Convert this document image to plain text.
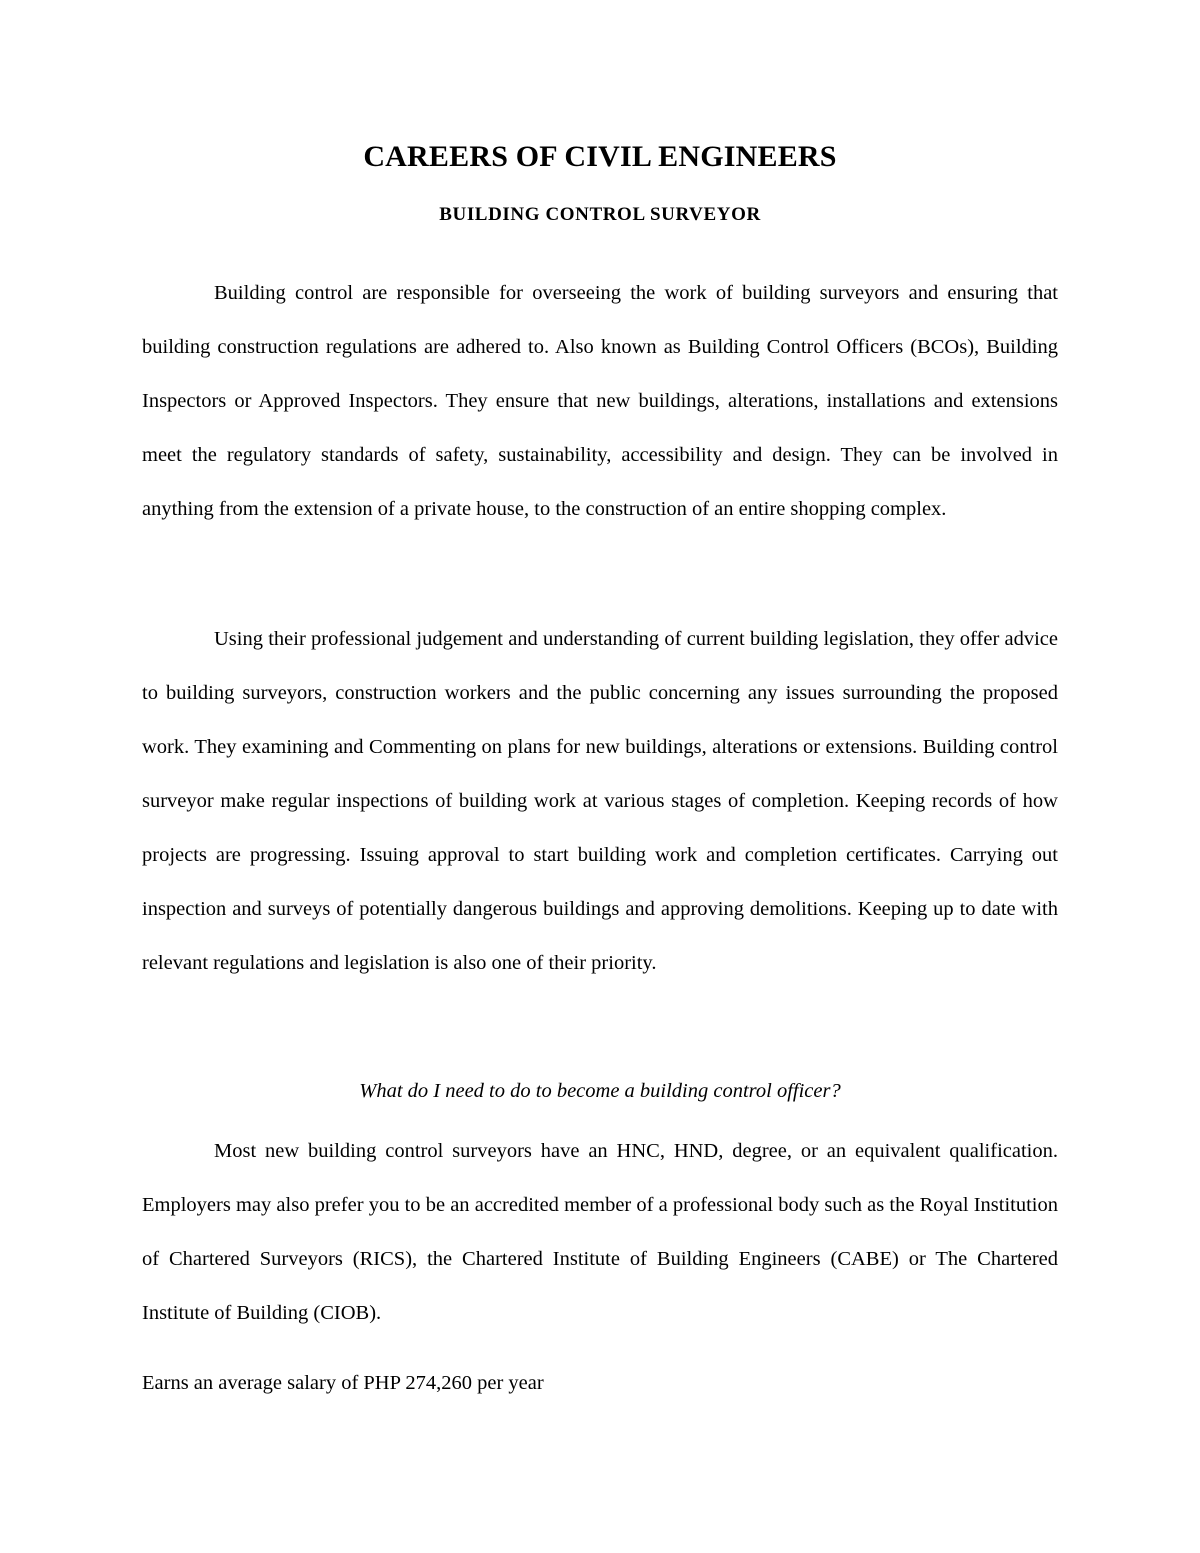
CAREERS OF CIVIL ENGINEERS
BUILDING CONTROL SURVEYOR

Building control are responsible for overseeing the work of building surveyors and ensuring that building construction regulations are adhered to. Also known as Building Control Officers (BCOs), Building Inspectors or Approved Inspectors. They ensure that new buildings, alterations, installations and extensions meet the regulatory standards of safety, sustainability, accessibility and design. They can be involved in anything from the extension of a private house, to the construction of an entire shopping complex.

Using their professional judgement and understanding of current building legislation, they offer advice to building surveyors, construction workers and the public concerning any issues surrounding the proposed work. They examining and Commenting on plans for new buildings, alterations or extensions. Building control surveyor make regular inspections of building work at various stages of completion. Keeping records of how projects are progressing. Issuing approval to start building work and completion certificates. Carrying out inspection and surveys of potentially dangerous buildings and approving demolitions. Keeping up to date with relevant regulations and legislation is also one of their priority.

What do I need to do to become a building control officer?

Most new building control surveyors have an HNC, HND, degree, or an equivalent qualification. Employers may also prefer you to be an accredited member of a professional body such as the Royal Institution of Chartered Surveyors (RICS), the Chartered Institute of Building Engineers (CABE) or The Chartered Institute of Building (CIOB).

Earns an average salary of PHP 274,260 per year
